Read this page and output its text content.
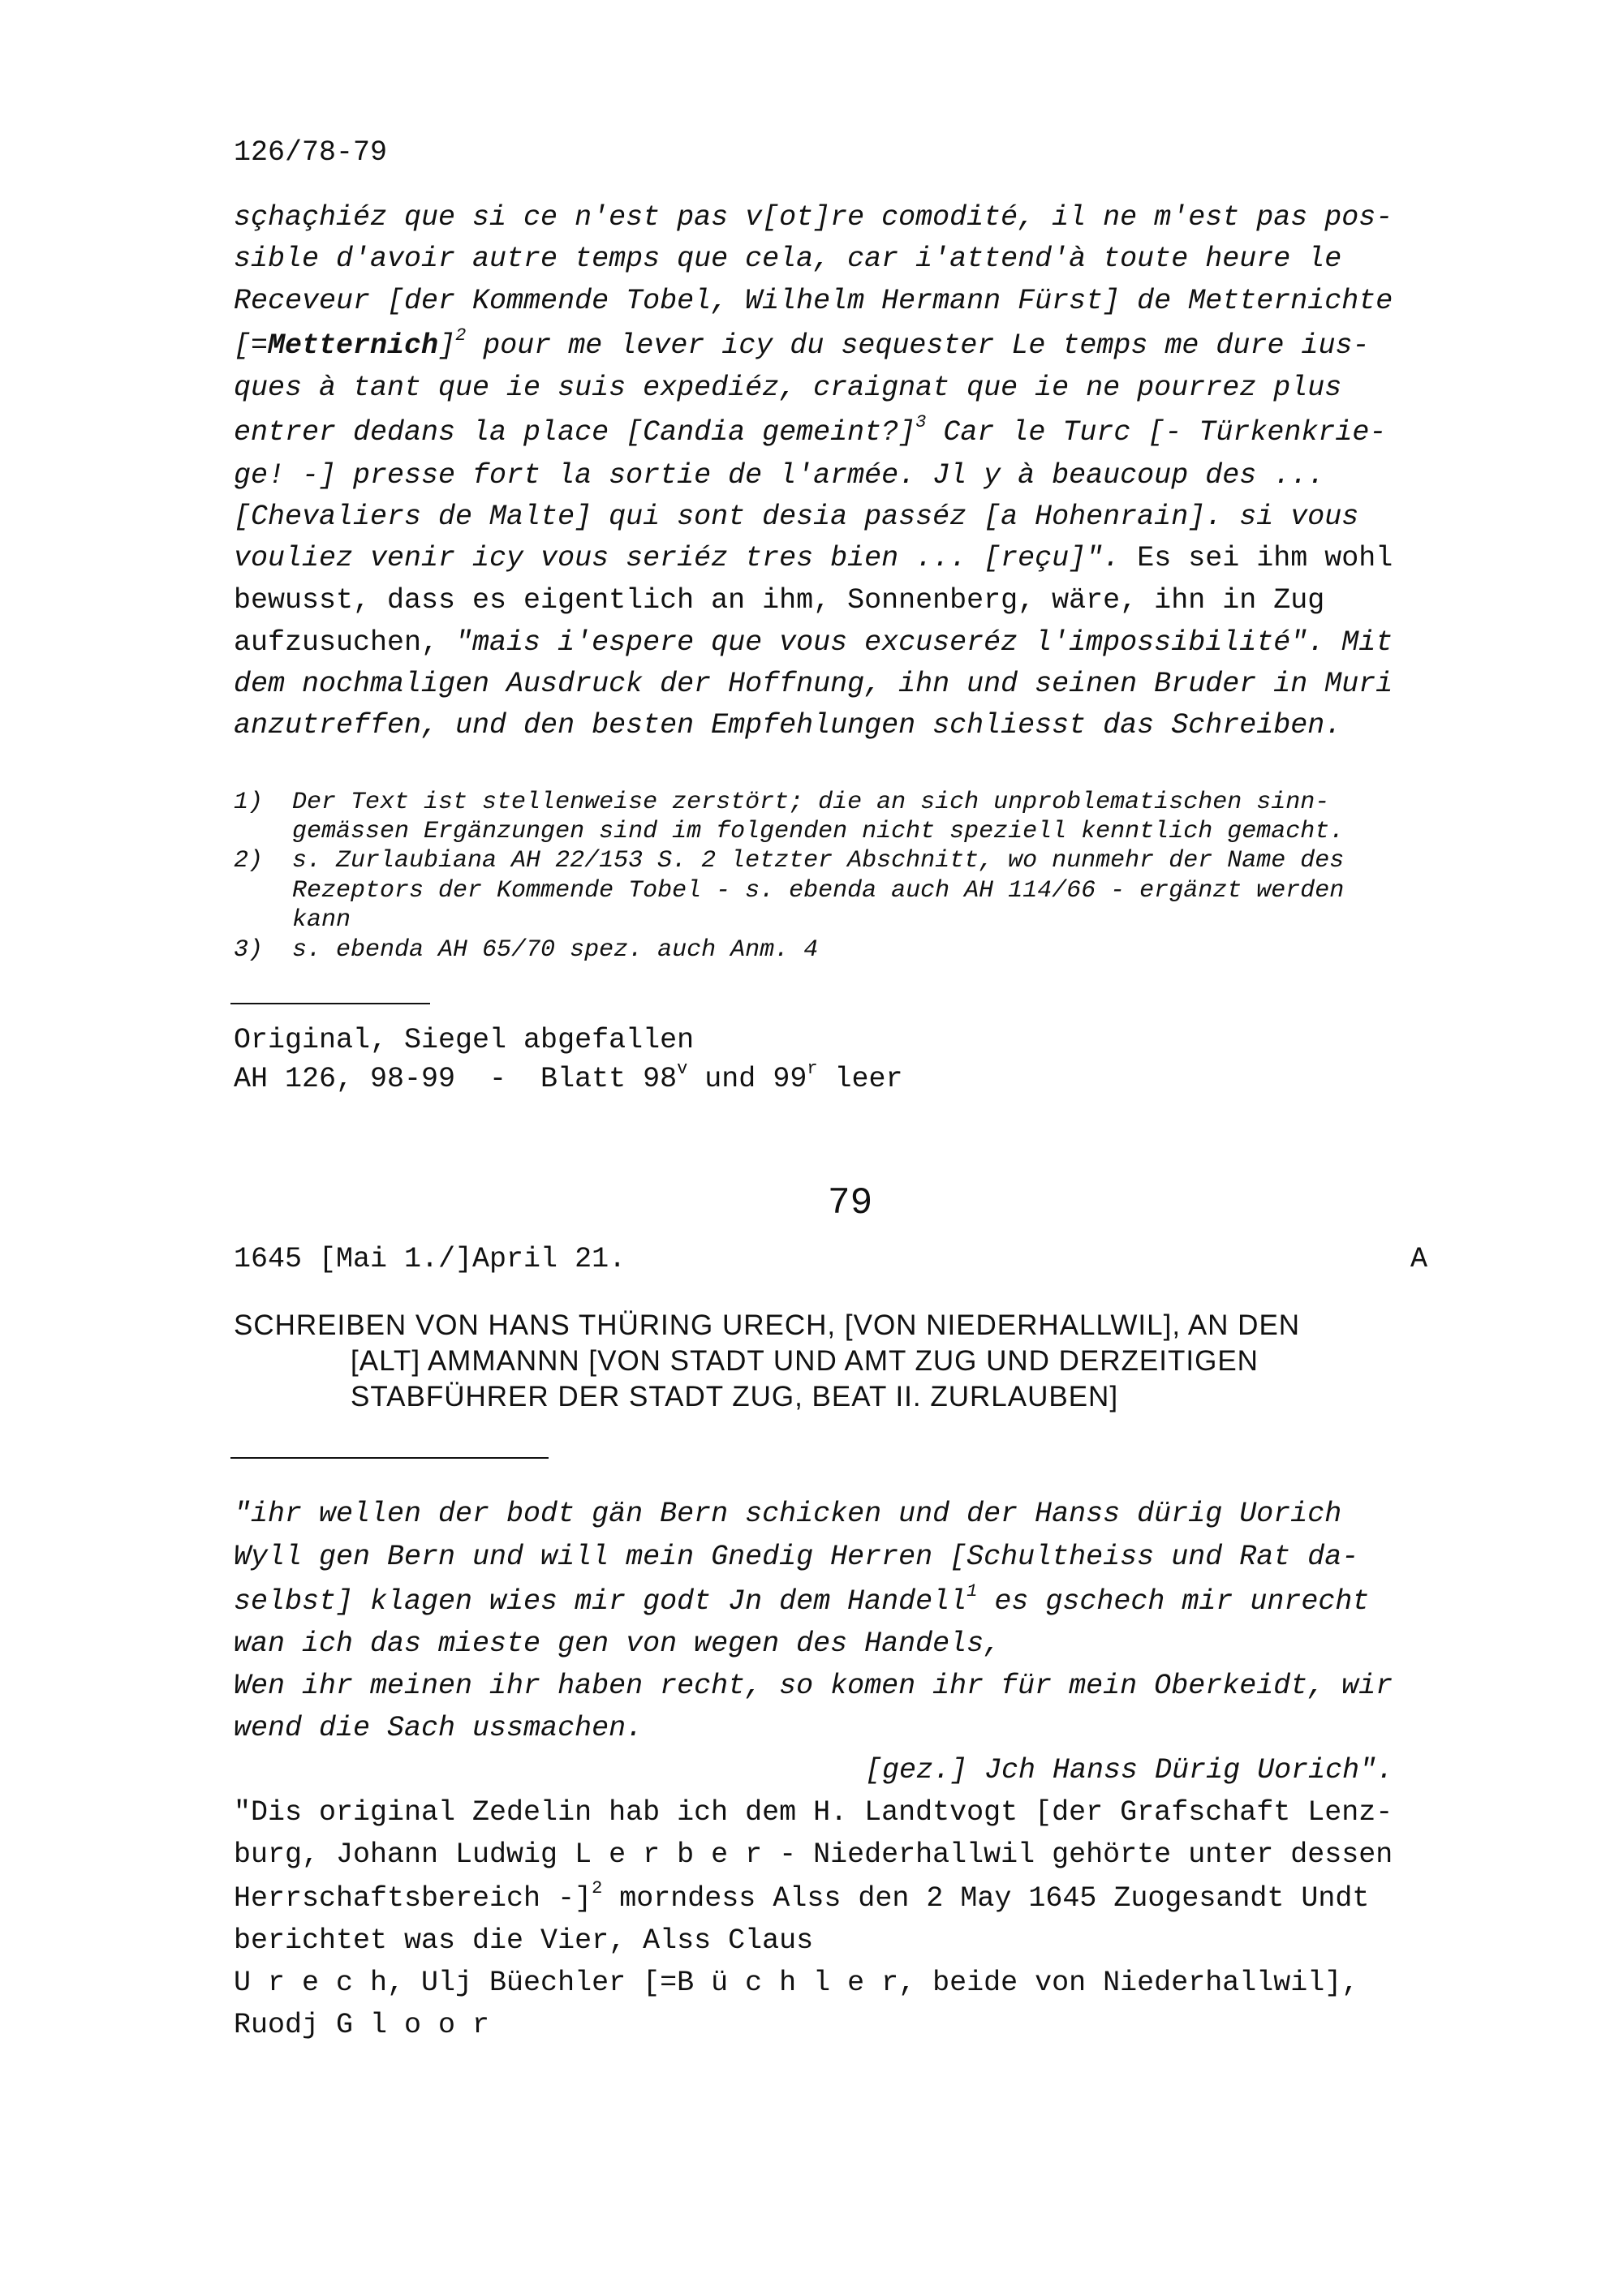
126/78-79
sçhaçhiéz que si ce n'est pas v[ot]re comodité, il ne m'est pas pos-
sible d'avoir autre temps que cela, car i'attend'à toute heure le
Receveur [der Kommende Tobel, Wilhelm Hermann Fürst] de Metternichte
[=Metternich]$^2$ pour me lever icy du sequester Le temps me dure ius-
ques à tant que ie suis expediéz, craignat que ie ne pourrez plus
entrer dedans la place [Candia gemeint?]$^3$ Car le Turc [- Türkenkrie-
ge! -] presse fort la sortie de l'armée. Jl y à beaucoup des ...
[Chevaliers de Malte] qui sont desia passéz [a Hohenrain]. si vous
vouliez venir icy vous seriéz tres bien ... [reçu]". Es sei ihm wohl
bewusst, dass es eigentlich an ihm, Sonnenberg, wäre, ihn in Zug
aufzusuchen, "mais i'espere que vous excuseréz l'impossibilité". Mit
dem nochmaligen Ausdruck der Hoffnung, ihn und seinen Bruder in Muri
anzutreffen, und den besten Empfehlungen schliesst das Schreiben.
1)  Der Text ist stellenweise zerstört; die an sich unproblematischen sinn-
gemässen Ergänzungen sind im folgenden nicht speziell kenntlich gemacht.
2)  s. Zurlaubiana AH 22/153 S. 2 letzter Abschnitt, wo nunmehr der Name des
Rezeptors der Kommende Tobel - s. ebenda auch AH 114/66 - ergänzt werden
kann
3)  s. ebenda AH 65/70 spez. auch Anm. 4
Original, Siegel abgefallen
AH 126, 98-99  -  Blatt 98$^v$ und 99$^r$ leer
79
1645 [Mai 1./]April 21.	A
SCHREIBEN VON HANS THÜRING URECH, [VON NIEDERHALLWIL], AN DEN
[ALT] AMMANNN [VON STADT UND AMT ZUG UND DERZEITIGEN
STABFÜHRER DER STADT ZUG, BEAT II. ZURLAUBEN]
"ihr wellen der bodt gän Bern schicken und der Hanss dürig Uorich
Wyll gen Bern und will mein Gnedig Herren [Schultheiss und Rat da-
selbst] klagen wies mir godt Jn dem Handell$^1$ es gschech mir unrecht
wan ich das mieste gen von wegen des Handels,
Wen ihr meinen ihr haben recht, so komen ihr für mein Oberkeidt, wir
wend die Sach ussmachen.
[gez.] Jch Hanss Dürig Uorich".
"Dis original Zedelin hab ich dem H. Landtvogt [der Grafschaft Lenz-
burg, Johann Ludwig L e r b e r - Niederhallwil gehörte unter dessen
Herrschaftsbereich -]$^2$ morndess Alss den 2 May 1645 Zuogesandt Undt
berichtet was die Vier, Alss Claus
U r e c h, Ulj Büechler [=B ü c h l e r, beide von Niederhallwil],
Ruodj G l o o r
